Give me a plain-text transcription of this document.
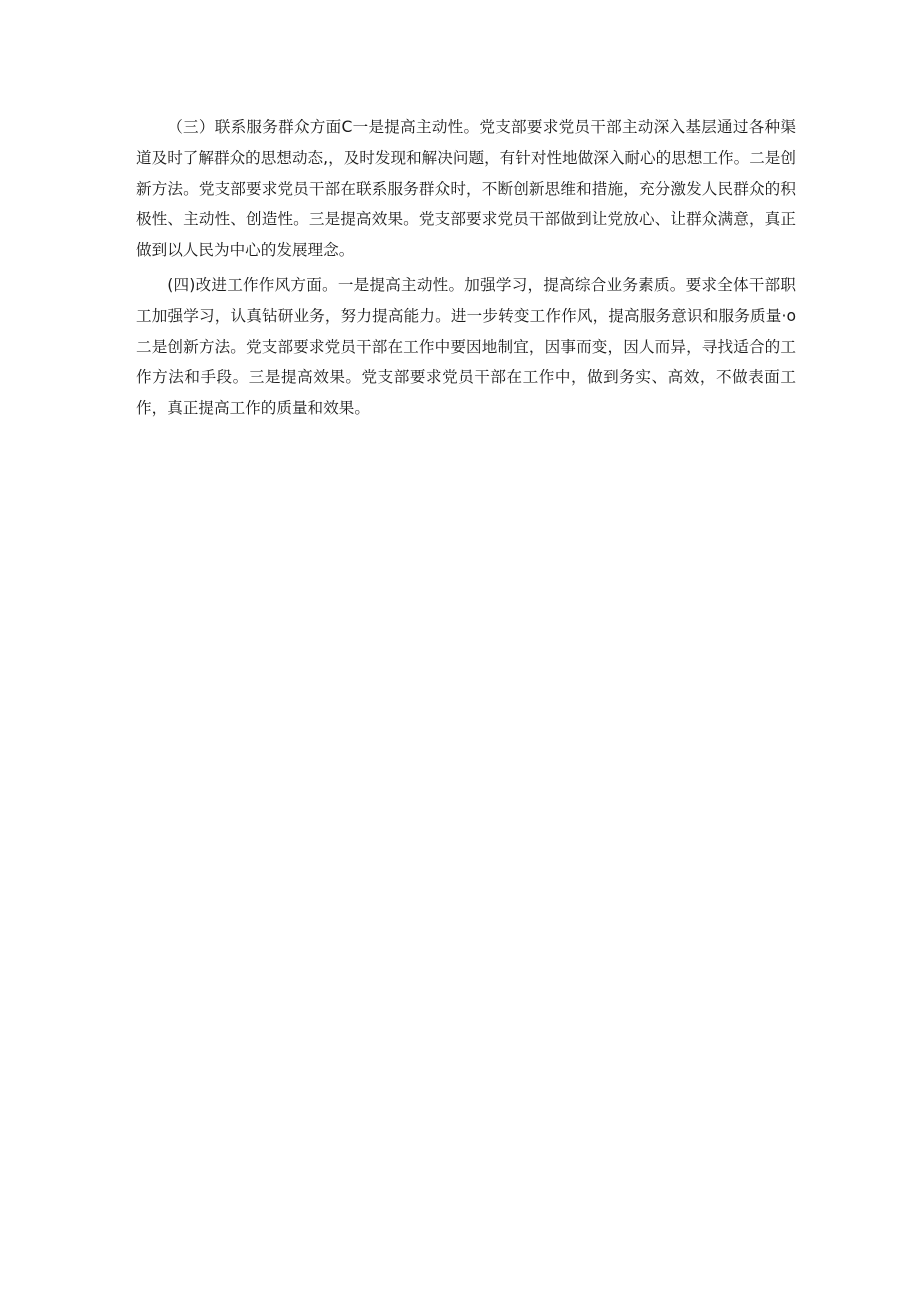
（三）联系服务群众方面C一是提高主动性。党支部要求党员干部主动深入基层通过各种渠道及时了解群众的思想动态,，及时发现和解决问题，有针对性地做深入耐心的思想工作。二是创新方法。党支部要求党员干部在联系服务群众时，不断创新思维和措施，充分激发人民群众的积极性、主动性、创造性。三是提高效果。党支部要求党员干部做到让党放心、让群众满意，真正做到以人民为中心的发展理念。

(四)改进工作作风方面。一是提高主动性。加强学习，提高综合业务素质。要求全体干部职工加强学习，认真钻研业务，努力提高能力。进一步转变工作作风，提高服务意识和服务质量·o二是创新方法。党支部要求党员干部在工作中要因地制宜，因事而变，因人而异，寻找适合的工作方法和手段。三是提高效果。党支部要求党员干部在工作中，做到务实、高效，不做表面工作，真正提高工作的质量和效果。
